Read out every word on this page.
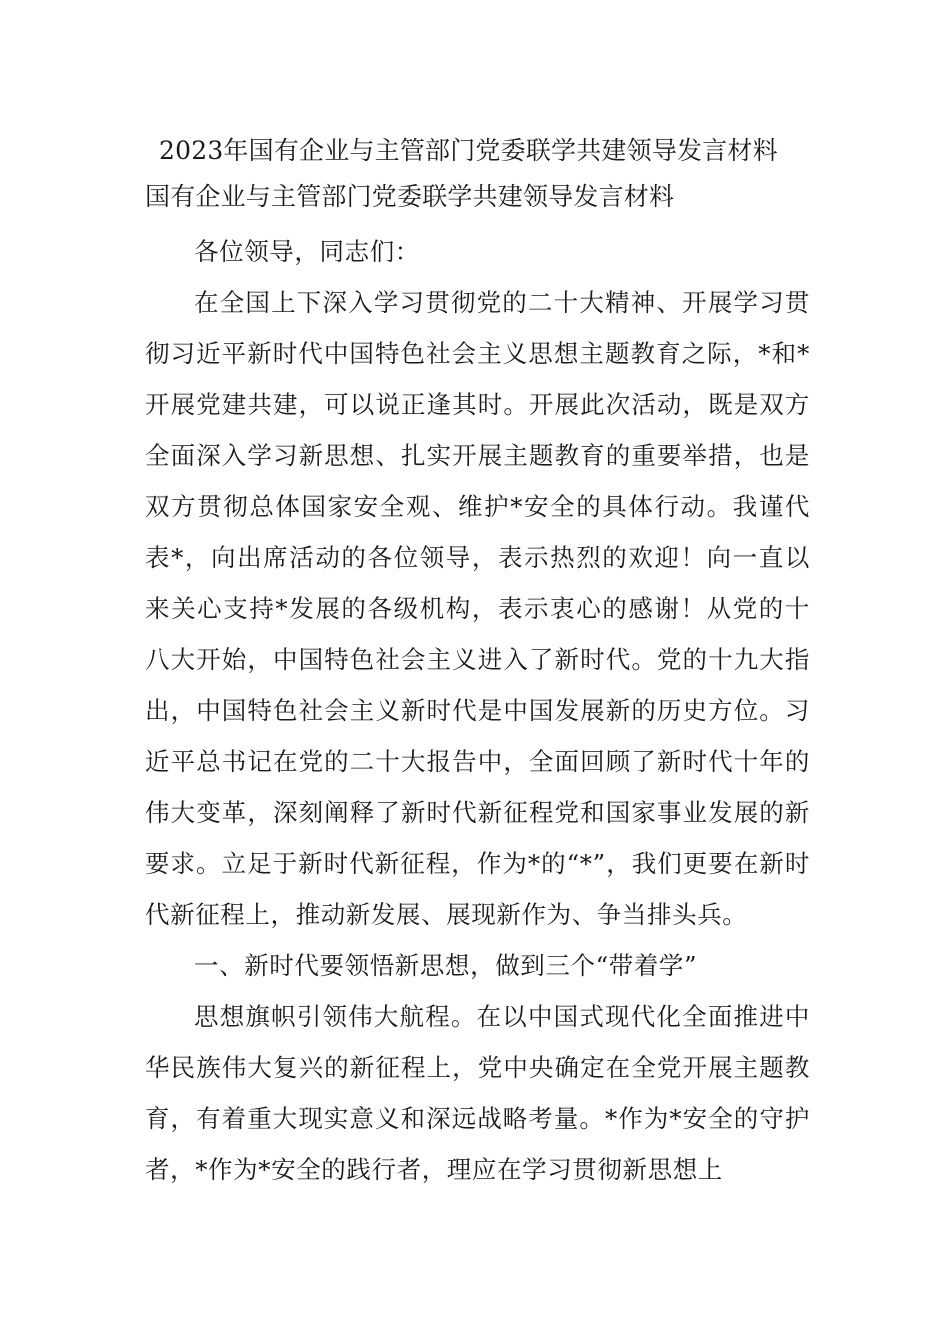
2023年国有企业与主管部门党委联学共建领导发言材料
国有企业与主管部门党委联学共建领导发言材料

各位领导，同志们：

在全国上下深入学习贯彻党的二十大精神、开展学习贯彻习近平新时代中国特色社会主义思想主题教育之际，*和*开展党建共建，可以说正逢其时。开展此次活动，既是双方全面深入学习新思想、扎实开展主题教育的重要举措，也是双方贯彻总体国家安全观、维护*安全的具体行动。我谨代表*，向出席活动的各位领导，表示热烈的欢迎！向一直以来关心支持*发展的各级机构，表示衷心的感谢！从党的十八大开始，中国特色社会主义进入了新时代。党的十九大指出，中国特色社会主义新时代是中国发展新的历史方位。习近平总书记在党的二十大报告中，全面回顾了新时代十年的伟大变革，深刻阐释了新时代新征程党和国家事业发展的新要求。立足于新时代新征程，作为*的“*”，我们更要在新时代新征程上，推动新发展、展现新作为、争当排头兵。

一、新时代要领悟新思想，做到三个“带着学”

思想旗帜引领伟大航程。在以中国式现代化全面推进中华民族伟大复兴的新征程上，党中央确定在全党开展主题教育，有着重大现实意义和深远战略考量。*作为*安全的守护者，*作为*安全的践行者，理应在学习贯彻新思想上
